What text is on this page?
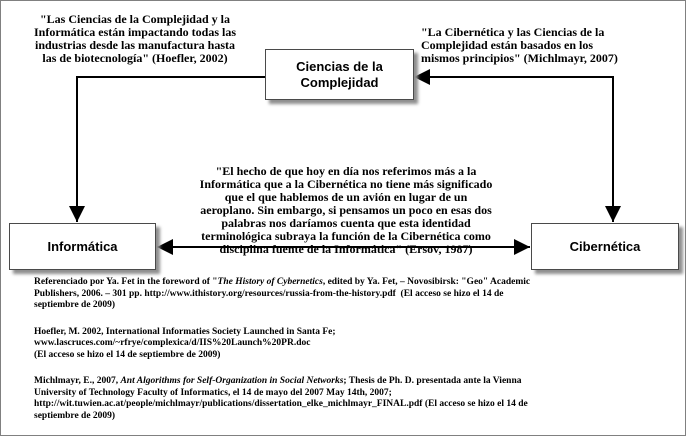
Ciencias de la
Complejidad
Informática	Cibernética
"Las Ciencias de la Complejidad y la
Informática están impactando todas las
industrias desde las manufactura hasta
las de biotecnología" (Hoefler, 2002)
"La Cibernética y las Ciencias de la
Complejidad están basados en los
mismos principios" (Michlmayr, 2007)
"El hecho de que hoy en día nos referimos más a la
Informática que a la Cibernética no tiene más significado
que el que hablemos de un avión en lugar de un
aeroplano. Sin embargo, si pensamos un poco en esas dos
palabras nos daríamos cuenta que esta identidad
terminológica subraya la función de la Cibernética como
disciplina fuente de la Informática" (Ersov, 1987)
Referenciado por Ya. Fet in the foreword of "The History of Cybernetics, edited by Ya. Fet, – Novosibirsk: "Geo" Academic
Publishers, 2006. – 301 pp. http://www.ithistory.org/resources/russia-from-the-history.pdf  (El acceso se hizo el 14 de
septiembre de 2009)
Hoefler, M. 2002, International Informaties Society Launched in Santa Fe;
www.lascruces.com/~rfrye/complexica/d/IIS%20Launch%20PR.doc
(El acceso se hizo el 14 de septiembre de 2009)
Michlmayr, E., 2007, Ant Algorithms for Self-Organization in Social Networks; Thesis de Ph. D. presentada ante la Vienna
University of Technology Faculty of Informatics, el 14 de mayo del 2007 May 14th, 2007;
http://wit.tuwien.ac.at/people/michlmayr/publications/dissertation_elke_michlmayr_FINAL.pdf (El acceso se hizo el 14 de
septiembre de 2009)
